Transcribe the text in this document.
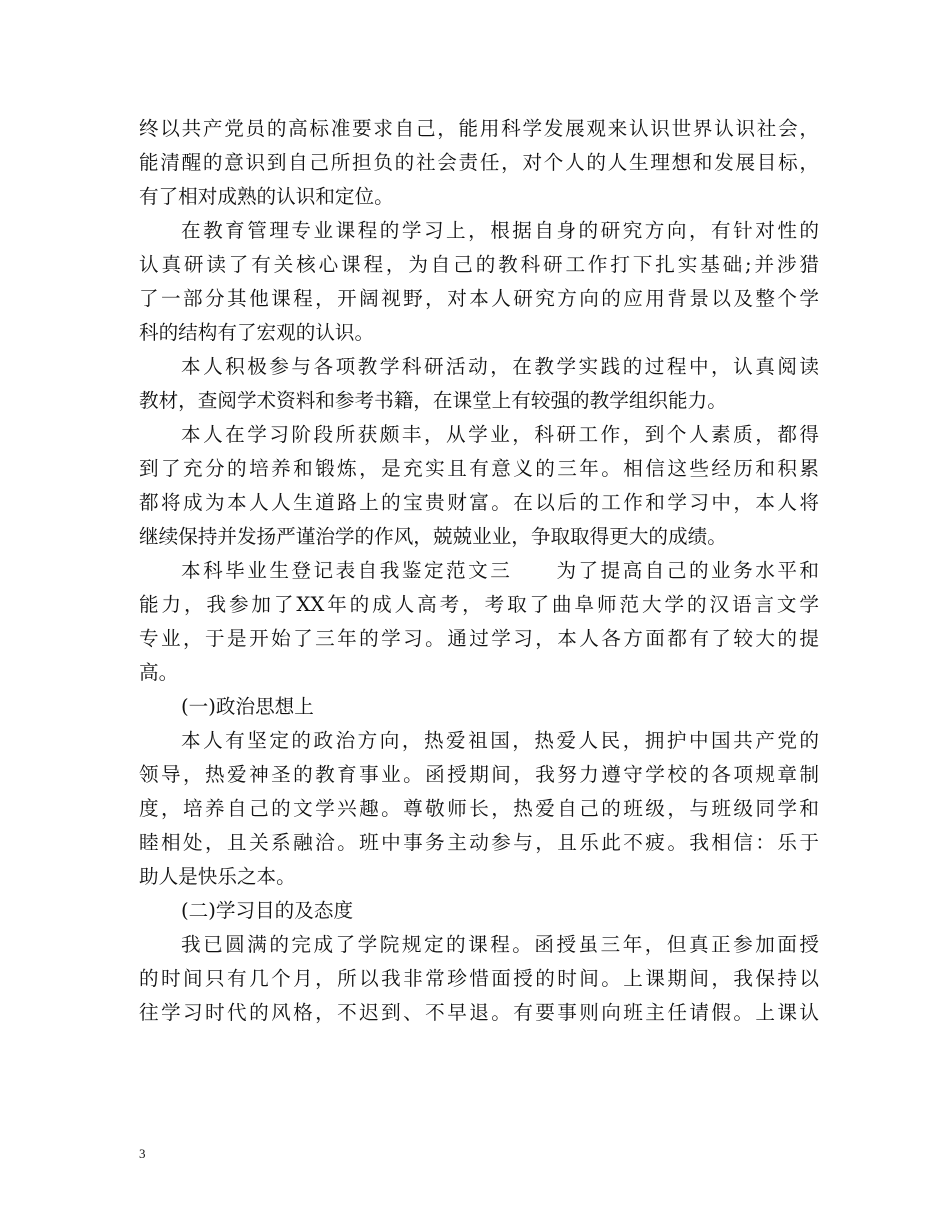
终以共产党员的高标准要求自己，能用科学发展观来认识世界认识社会，
能清醒的意识到自己所担负的社会责任，对个人的人生理想和发展目标，
有了相对成熟的认识和定位。
在教育管理专业课程的学习上，根据自身的研究方向，有针对性的
认真研读了有关核心课程，为自己的教科研工作打下扎实基础;并涉猎
了一部分其他课程，开阔视野，对本人研究方向的应用背景以及整个学
科的结构有了宏观的认识。
本人积极参与各项教学科研活动，在教学实践的过程中，认真阅读
教材，查阅学术资料和参考书籍，在课堂上有较强的教学组织能力。
本人在学习阶段所获颇丰，从学业，科研工作，到个人素质，都得
到了充分的培养和锻炼，是充实且有意义的三年。相信这些经历和积累
都将成为本人人生道路上的宝贵财富。在以后的工作和学习中，本人将
继续保持并发扬严谨治学的作风，兢兢业业，争取取得更大的成绩。
本科毕业生登记表自我鉴定范文三　　为了提高自己的业务水平和
能力，我参加了XX年的成人高考，考取了曲阜师范大学的汉语言文学
专业，于是开始了三年的学习。通过学习，本人各方面都有了较大的提
高。
(一)政治思想上
本人有坚定的政治方向，热爱祖国，热爱人民，拥护中国共产党的
领导，热爱神圣的教育事业。函授期间，我努力遵守学校的各项规章制
度，培养自己的文学兴趣。尊敬师长，热爱自己的班级，与班级同学和
睦相处，且关系融洽。班中事务主动参与，且乐此不疲。我相信：乐于
助人是快乐之本。
(二)学习目的及态度
我已圆满的完成了学院规定的课程。函授虽三年，但真正参加面授
的时间只有几个月，所以我非常珍惜面授的时间。上课期间，我保持以
往学习时代的风格，不迟到、不早退。有要事则向班主任请假。上课认
3
